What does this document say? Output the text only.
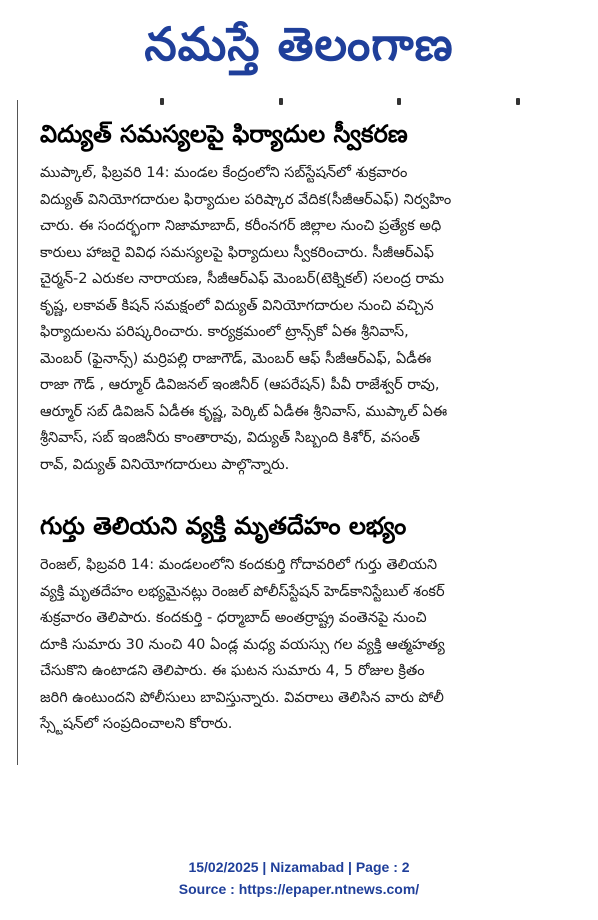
నమస్తే తెలంగాణ
విద్యుత్ సమస్యలపై ఫిర్యాదుల స్వీకరణ
ముప్కాల్, ఫిబ్రవరి 14: మండల కేంద్రంలోని సబ్‌స్టేషన్‌లో శుక్రవారం
విద్యుత్ వినియోగదారుల ఫిర్యాదుల పరిష్కార వేదిక(సీజీఆర్ఎఫ్) నిర్వహిం
చారు. ఈ సందర్భంగా నిజామాబాద్, కరీంనగర్ జిల్లాల నుంచి ప్రత్యేక అధి
కారులు హాజరై వివిధ సమస్యలపై ఫిర్యాదులు స్వీకరించారు. సీజీఆర్ఎఫ్
చైర్మన్-2 ఎరుకల నారాయణ, సీజీఆర్ఎఫ్ మెంబర్(టెక్నికల్) సలంద్ర రామ
కృష్ణ, లకావత్ కిషన్ సమక్షంలో విద్యుత్ వినియోగదారుల నుంచి వచ్చిన
ఫిర్యాదులను పరిష్కరించారు. కార్యక్రమంలో ట్రాన్స్‌కో ఏఈ శ్రీనివాస్,
మెంబర్ (ఫైనాన్స్) మర్రిపల్లి రాజాగౌడ్, మెంబర్ ఆఫ్ సీజీఆర్ఎఫ్, ఏడీఈ
రాజా గౌడ్ , ఆర్మూర్ డివిజనల్ ఇంజినీర్ (ఆపరేషన్) పీవీ రాజేశ్వర్ రావు,
ఆర్మూర్ సబ్ డివిజన్ ఏడీఈ కృష్ణ, పెర్కిట్ ఏడీఈ శ్రీనివాస్, ముప్కాల్ ఏఈ
శ్రీనివాస్, సబ్ ఇంజినీరు కాంతారావు, విద్యుత్ సిబ్బంది కిశోర్, వసంత్
రావ్, విద్యుత్ వినియోగదారులు పాల్గొన్నారు.
గుర్తు తెలియని వ్యక్తి మృతదేహం లభ్యం
రెంజల్, ఫిబ్రవరి 14: మండలంలోని కందకుర్తి గోదావరిలో గుర్తు తెలియని
వ్యక్తి మృతదేహం లభ్యమైనట్లు రెంజల్ పోలీస్‌స్టేషన్ హెడ్‌కానిస్టేబుల్ శంకర్
శుక్రవారం తెలిపారు. కందకుర్తి - ధర్మాబాద్ అంతర్రాష్ట్ర వంతెనపై నుంచి
దూకి సుమారు 30 నుంచి 40 ఏండ్ల మధ్య వయస్సు గల వ్యక్తి ఆత్మహత్య
చేసుకొని ఉంటాడని తెలిపారు. ఈ ఘటన సుమారు 4, 5 రోజుల క్రితం
జరిగి ఉంటుందని పోలీసులు బావిస్తున్నారు. వివరాలు తెలిసిన వారు పోలీ
స్స్టేషన్‌లో సంప్రదించాలని కోరారు.
15/02/2025 | Nizamabad | Page : 2
Source : https://epaper.ntnews.com/
